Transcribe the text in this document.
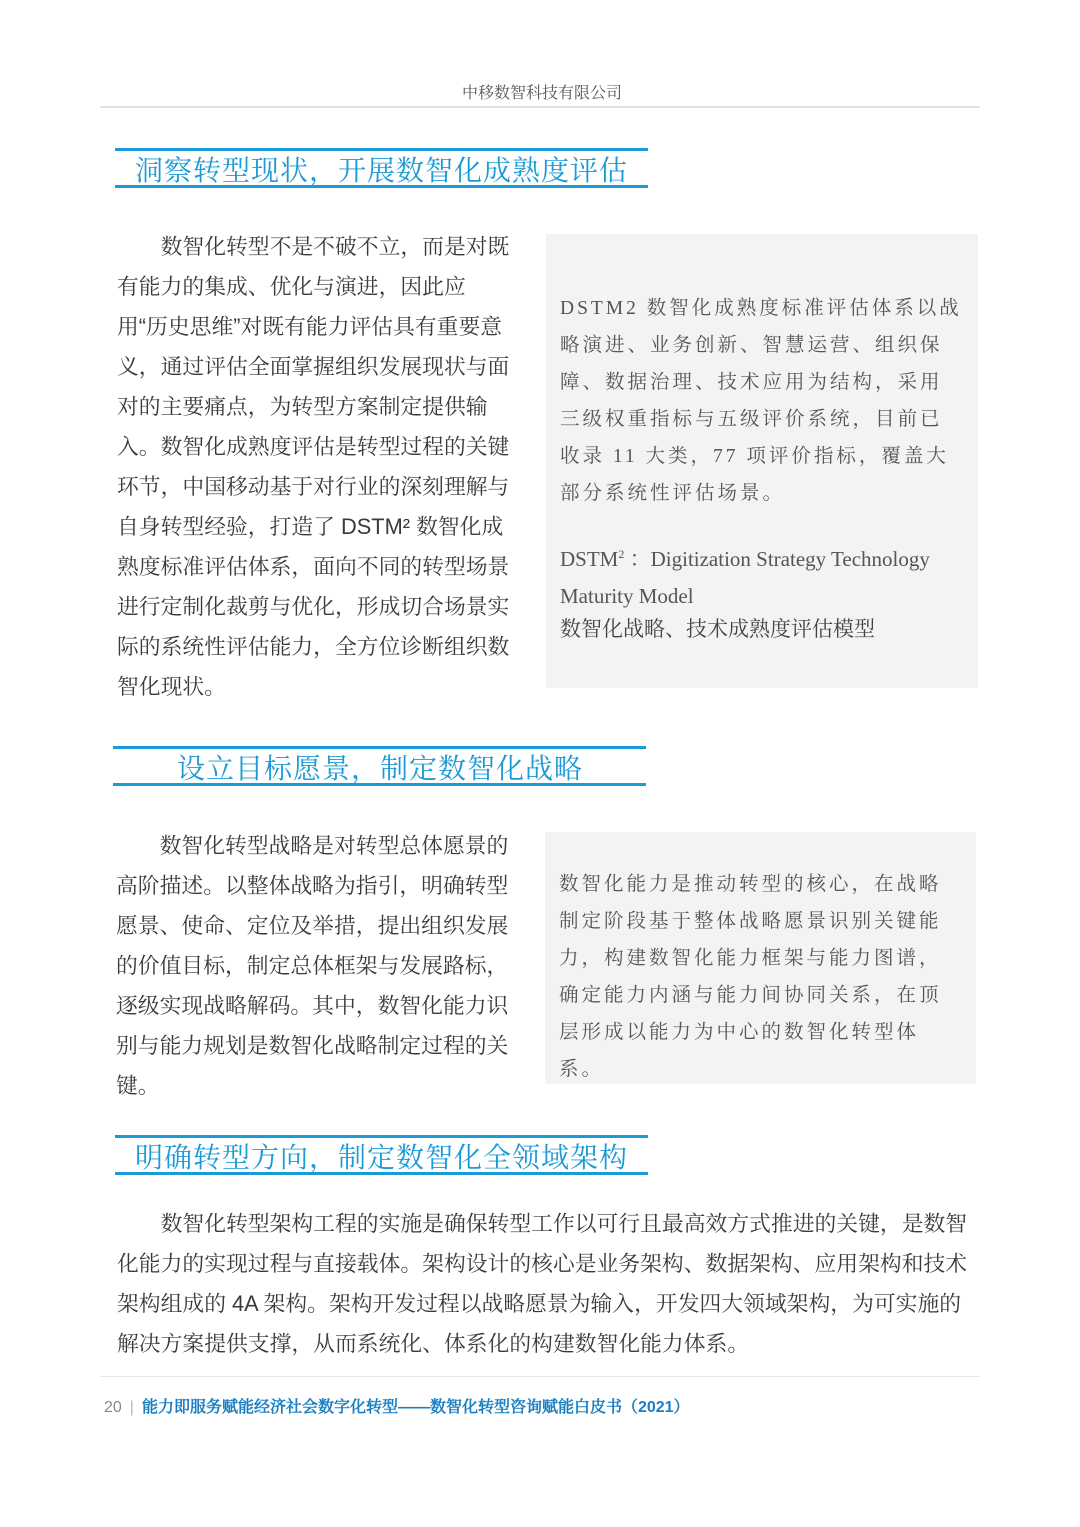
中移数智科技有限公司
洞察转型现状，开展数智化成熟度评估

数智化转型不是不破不立，而是对既有能力的集成、优化与演进，因此应用“历史思维”对既有能力评估具有重要意义，通过评估全面掌握组织发展现状与面对的主要痛点，为转型方案制定提供输入。数智化成熟度评估是转型过程的关键环节，中国移动基于对行业的深刻理解与自身转型经验，打造了 DSTM² 数智化成熟度标准评估体系，面向不同的转型场景进行定制化裁剪与优化，形成切合场景实际的系统性评估能力，全方位诊断组织数智化现状。

DSTM2 数智化成熟度标准评估体系以战略演进、业务创新、智慧运营、组织保障、数据治理、技术应用为结构，采用三级权重指标与五级评价系统，目前已收录 11 大类，77 项评价指标，覆盖大部分系统性评估场景。

DSTM$^2$ ：Digitization Strategy Technology Maturity Model
数智化战略、技术成熟度评估模型
设立目标愿景，制定数智化战略

数智化转型战略是对转型总体愿景的高阶描述。以整体战略为指引，明确转型愿景、使命、定位及举措，提出组织发展的价值目标，制定总体框架与发展路标，逐级实现战略解码。其中，数智化能力识别与能力规划是数智化战略制定过程的关键。

数智化能力是推动转型的核心，在战略制定阶段基于整体战略愿景识别关键能力，构建数智化能力框架与能力图谱，确定能力内涵与能力间协同关系，在顶层形成以能力为中心的数智化转型体系。

明确转型方向，制定数智化全领域架构

数智化转型架构工程的实施是确保转型工作以可行且最高效方式推进的关键，是数智化能力的实现过程与直接载体。架构设计的核心是业务架构、数据架构、应用架构和技术架构组成的 4A 架构。架构开发过程以战略愿景为输入，开发四大领域架构，为可实施的解决方案提供支撑，从而系统化、体系化的构建数智化能力体系。

20 | 能力即服务赋能经济社会数字化转型——数智化转型咨询赋能白皮书（2021）
